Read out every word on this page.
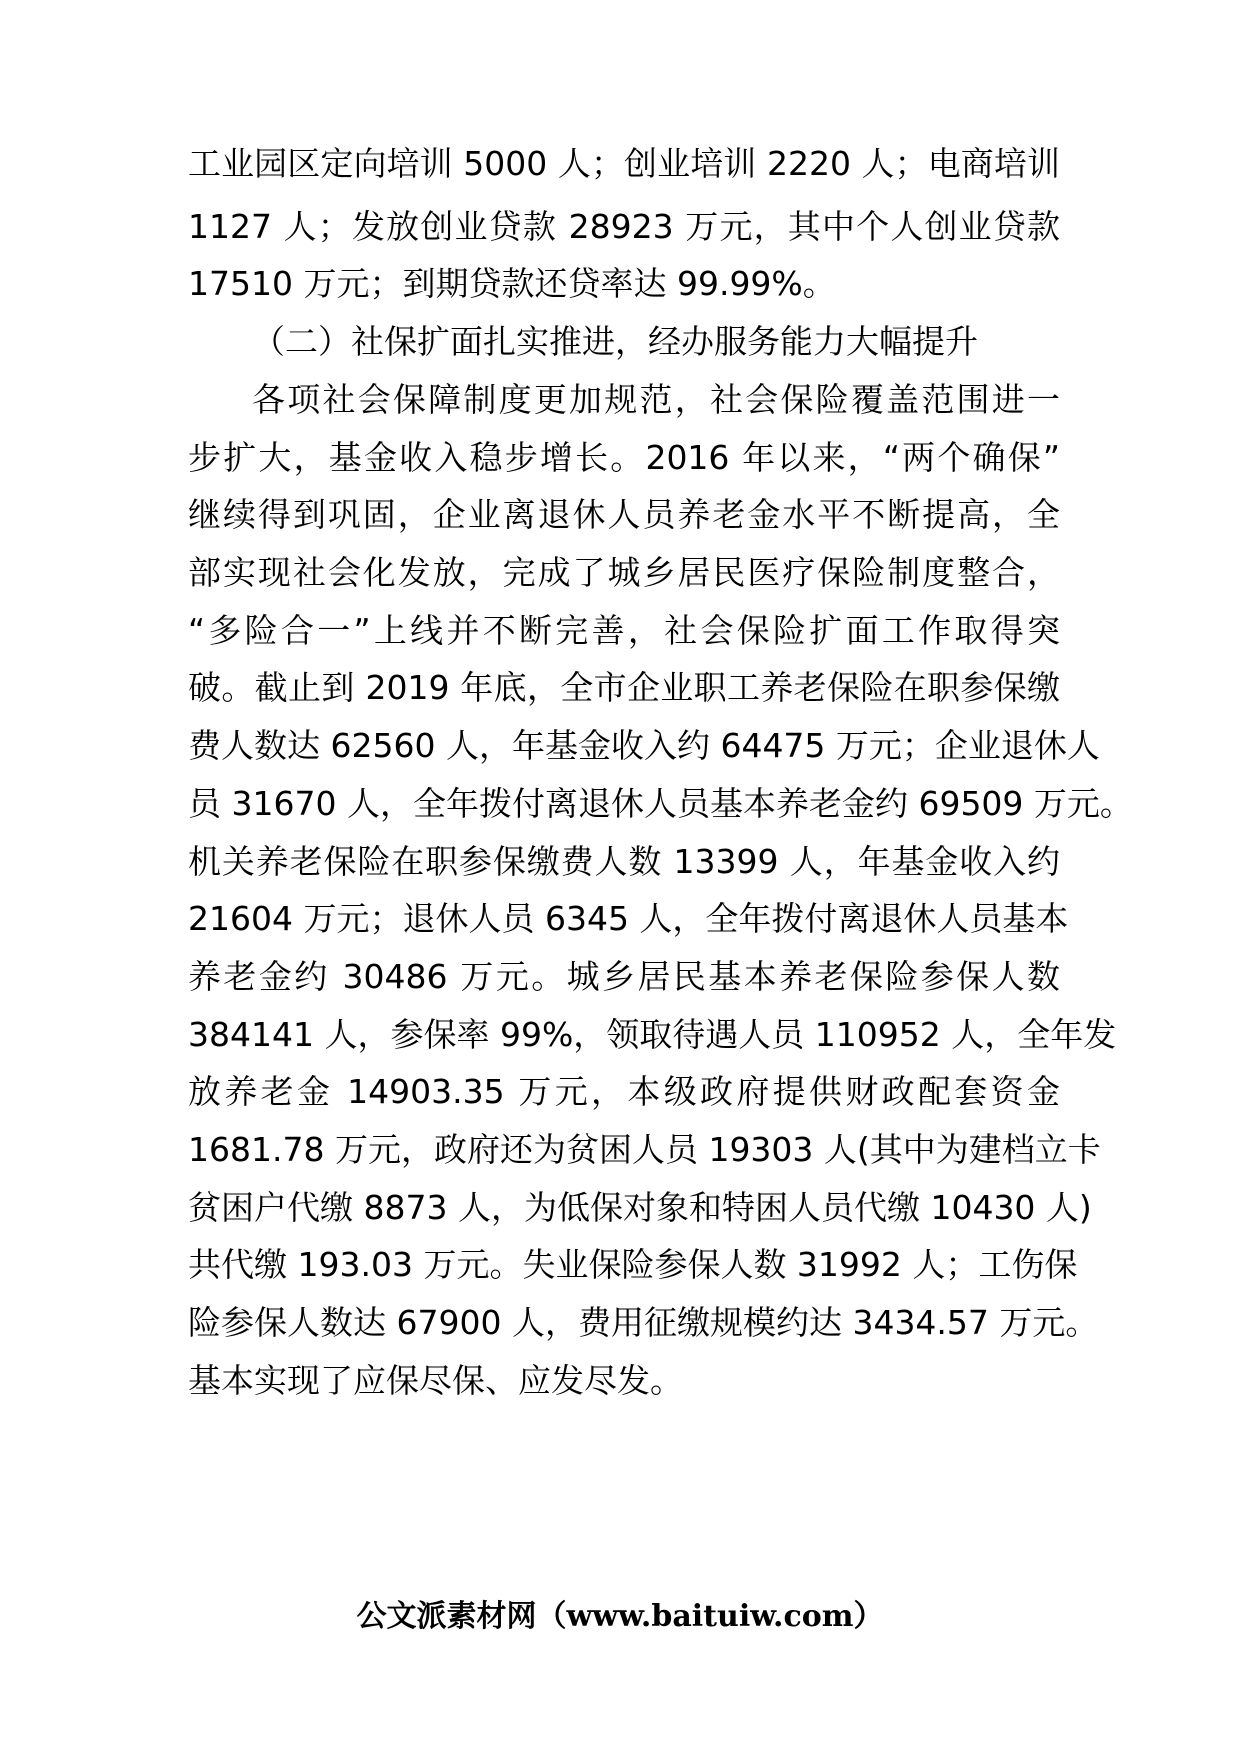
工业园区定向培训 5000 人；创业培训 2220 人；电商培训
1127 人；发放创业贷款 28923 万元，其中个人创业贷款
17510 万元；到期贷款还贷率达 99.99%。
（二）社保扩面扎实推进，经办服务能力大幅提升
各项社会保障制度更加规范，社会保险覆盖范围进一
步扩大，基金收入稳步增长。2016 年以来，“两个确保”
继续得到巩固，企业离退休人员养老金水平不断提高，全
部实现社会化发放，完成了城乡居民医疗保险制度整合，
“多险合一”上线并不断完善，社会保险扩面工作取得突
破。截止到 2019 年底，全市企业职工养老保险在职参保缴
费人数达 62560 人，年基金收入约 64475 万元；企业退休人
员 31670 人，全年拨付离退休人员基本养老金约 69509 万元。
机关养老保险在职参保缴费人数 13399 人，年基金收入约
21604 万元；退休人员 6345 人，全年拨付离退休人员基本
养老金约 30486 万元。城乡居民基本养老保险参保人数
384141 人，参保率 99%，领取待遇人员 110952 人，全年发
放养老金 14903.35 万元，本级政府提供财政配套资金
1681.78 万元，政府还为贫困人员 19303 人(其中为建档立卡
贫困户代缴 8873 人，为低保对象和特困人员代缴 10430 人)
共代缴 193.03 万元。失业保险参保人数 31992 人；工伤保
险参保人数达 67900 人，费用征缴规模约达 3434.57 万元。
基本实现了应保尽保、应发尽发。
公文派素材网（www.baituiw.com）
